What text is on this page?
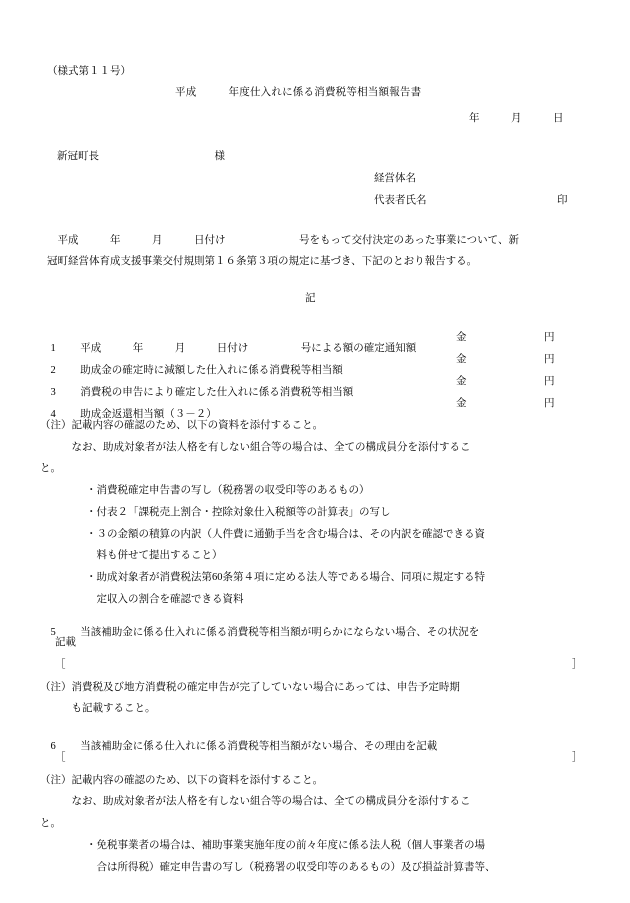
（様式第１１号）
平成　　　年度仕入れに係る消費税等相当額報告書
年　　　月　　　日
新冠町長　　　　　　　　　　　様
経営体名
代表者氏名	印
　平成　　　年　　　月　　　日付け　　　　　　　号をもって交付決定のあった事業について、新
冠町経営体育成支援事業交付規則第１６条第３項の規定に基づき、下記のとおり報告する。
記

1　平成　　　年　　　月　　　日付け　　　　　号による額の確定通知額

金	円

2　助成金の確定時に減額した仕入れに係る消費税等相当額

金	円

3　消費税の申告により確定した仕入れに係る消費税等相当額

金	円

4　助成金返還相当額（３－２）

金	円
（注）記載内容の確認のため、以下の資料を添付すること。
　　　なお、助成対象者が法人格を有しない組合等の場合は、全ての構成員分を添付するこ
と。
・消費税確定申告書の写し（税務署の収受印等のあるもの）
・付表２「課税売上割合・控除対象仕入税額等の計算表」の写し
・３の金額の積算の内訳（人件費に通勤手当を含む場合は、その内訳を確認できる資
　料も併せて提出すること）
・助成対象者が消費税法第60条第４項に定める法人等である場合、同項に規定する特
　定収入の割合を確認できる資料

5　当該補助金に係る仕入れに係る消費税等相当額が明らかにならない場合、その状況を

記載
［	］
（注）消費税及び地方消費税の確定申告が完了していない場合にあっては、申告予定時期
　　　も記載すること。

6　当該補助金に係る仕入れに係る消費税等相当額がない場合、その理由を記載

［	］
（注）記載内容の確認のため、以下の資料を添付すること。
　　　なお、助成対象者が法人格を有しない組合等の場合は、全ての構成員分を添付するこ
と。
・免税事業者の場合は、補助事業実施年度の前々年度に係る法人税（個人事業者の場
　合は所得税）確定申告書の写し（税務署の収受印等のあるもの）及び損益計算書等、
